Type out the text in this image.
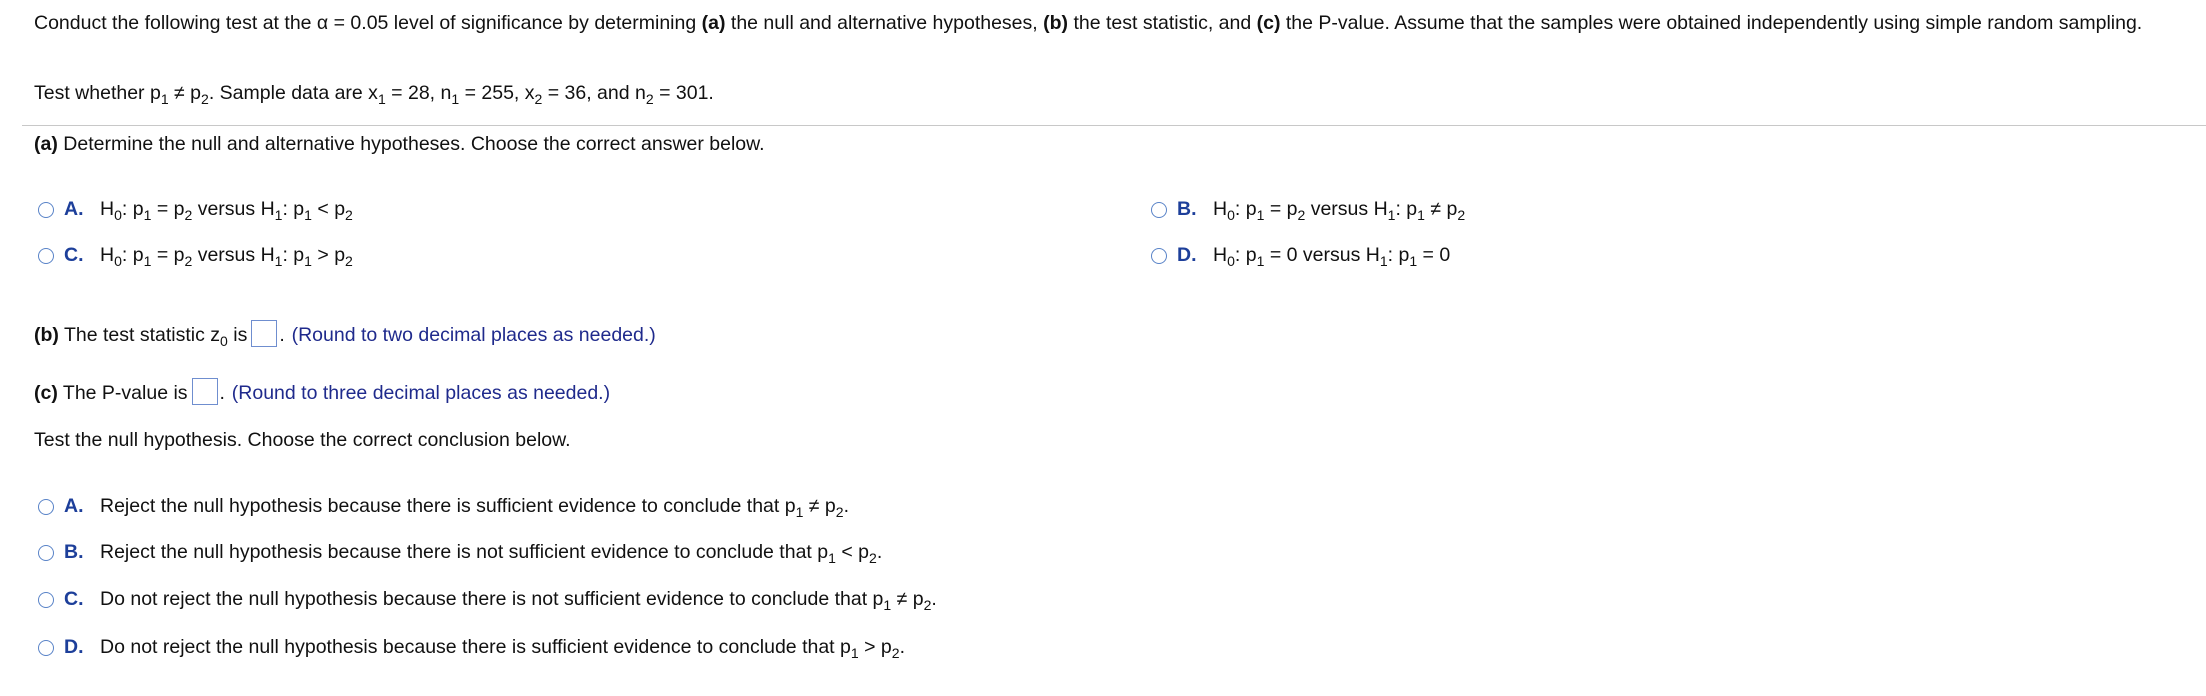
Conduct the following test at the α = 0.05 level of significance by determining (a) the null and alternative hypotheses, (b) the test statistic, and (c) the P-value. Assume that the samples were obtained independently using simple random sampling.
Test whether $p_1 \ne p_2$. Sample data are $x_1 = 28$, $n_1 = 255$, $x_2 = 36$, and $n_2 = 301$.
(a) Determine the null and alternative hypotheses. Choose the correct answer below.
A. $H_0$: $p_1 = p_2$ versus $H_1$: $p_1 < p_2$	B. $H_0$: $p_1 = p_2$ versus $H_1$: $p_1 \ne p_2$
C. $H_0$: $p_1 = p_2$ versus $H_1$: $p_1 > p_2$	D. $H_0$: $p_1 = 0$ versus $H_1$: $p_1 = 0$
(b) The test statistic $z_0$ is . (Round to two decimal places as needed.)
(c) The P-value is . (Round to three decimal places as needed.)
Test the null hypothesis. Choose the correct conclusion below.
A. Reject the null hypothesis because there is sufficient evidence to conclude that $p_1 \ne p_2$.
B. Reject the null hypothesis because there is not sufficient evidence to conclude that $p_1 < p_2$.
C. Do not reject the null hypothesis because there is not sufficient evidence to conclude that $p_1 \ne p_2$.
D. Do not reject the null hypothesis because there is sufficient evidence to conclude that $p_1 > p_2$.
